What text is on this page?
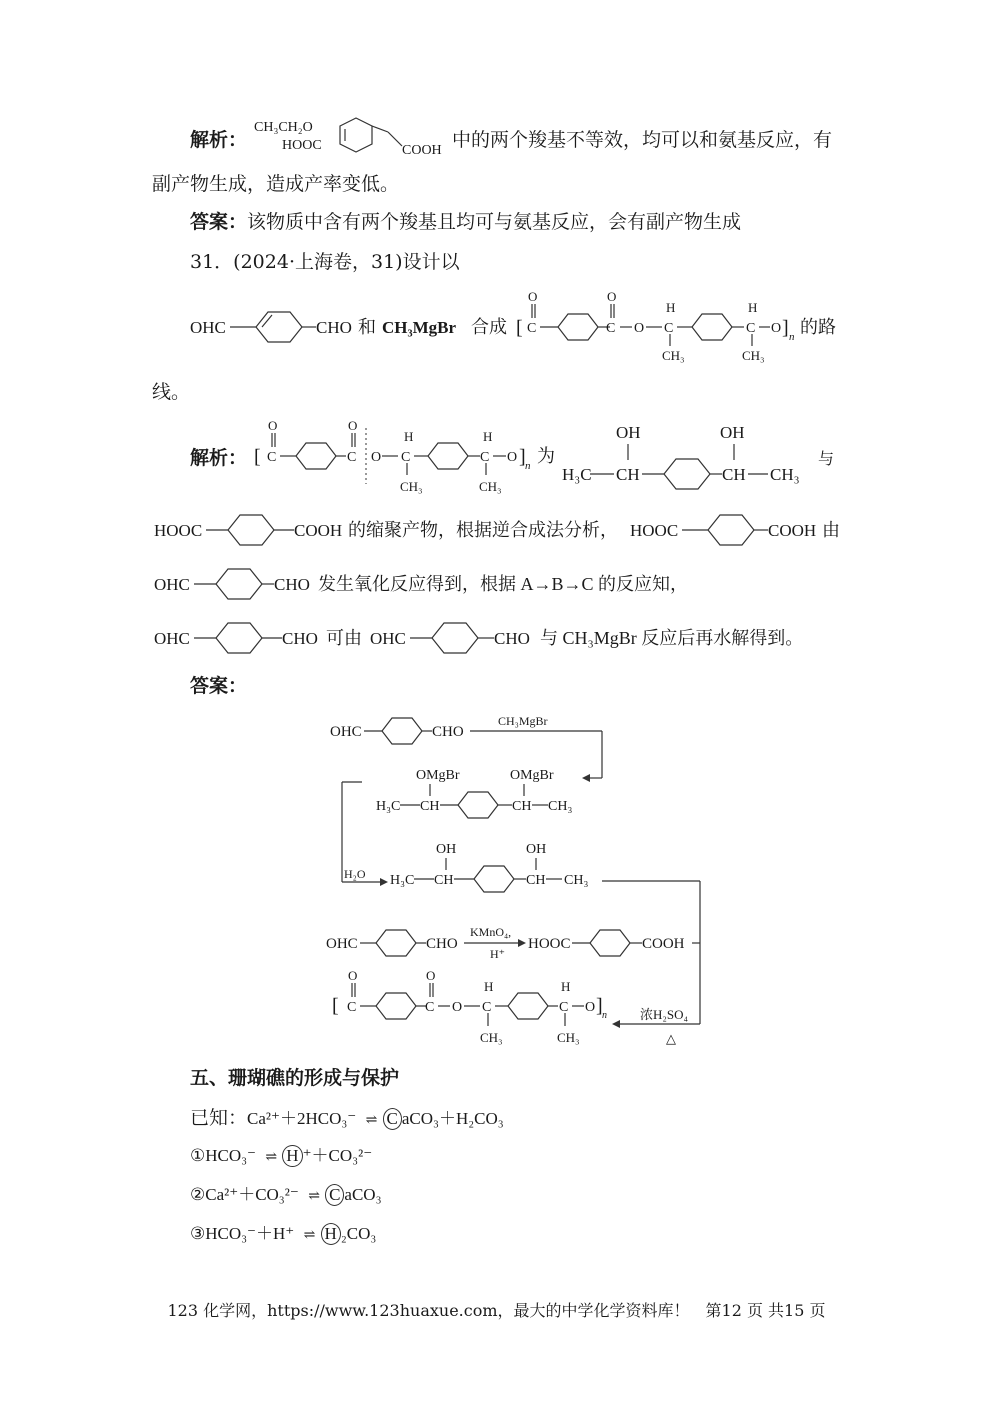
解析：
CH₃CH₂O
HOOC	COOH 中的两个羧基不等效，均可以和氨基反应，有
副产物生成，造成产率变低。
答案：该物质中含有两个羧基且均可与氨基反应，会有副产物生成
31．(2024·上海卷，31)设计以
OHC	CHO 和 CH₃MgBr 合成 [
O
C
O
C O
H
C
CH₃
H
C
CH₃
O ] n 的路
线。
解析： [
O
C
O
C O
H
C
CH₃
H
C
CH₃
O ] n 为
H₃C
OH
CH
OH
CH CH₃
与
HOOC	COOH 的缩聚产物，根据逆合成法分析， HOOC	COOH 由
OHC	CHO 发生氧化反应得到，根据 A→B→C 的反应知，
OHC	CHO 可由 OHC	CHO 与 CH₃MgBr 反应后再水解得到。
答案：
OHC	CHO
CH₃MgBr
OMgBr	OMgBr
H₃C CH	CH CH₃
H₂O
OH	OH
H₃C CH	CH CH₃
OHC	CHO
KMnO₄,
H⁺
HOOC	COOH
浓H₂SO₄
△
[
O
C
O
C O
H
C
CH₃
H
C
CH₃
O ] n
五、珊瑚礁的形成与保护
已知：Ca²⁺＋2HCO₃⁻ ⇌ C aCO₃＋H₂CO₃
①HCO₃⁻ ⇌ H ⁺＋CO₃²⁻
②Ca²⁺＋CO₃²⁻ ⇌ C aCO₃
③HCO₃⁻＋H⁺ ⇌ H ₂CO₃
123 化学网，https://www.123huaxue.com，最大的中学化学资料库！　第12 页 共15 页
